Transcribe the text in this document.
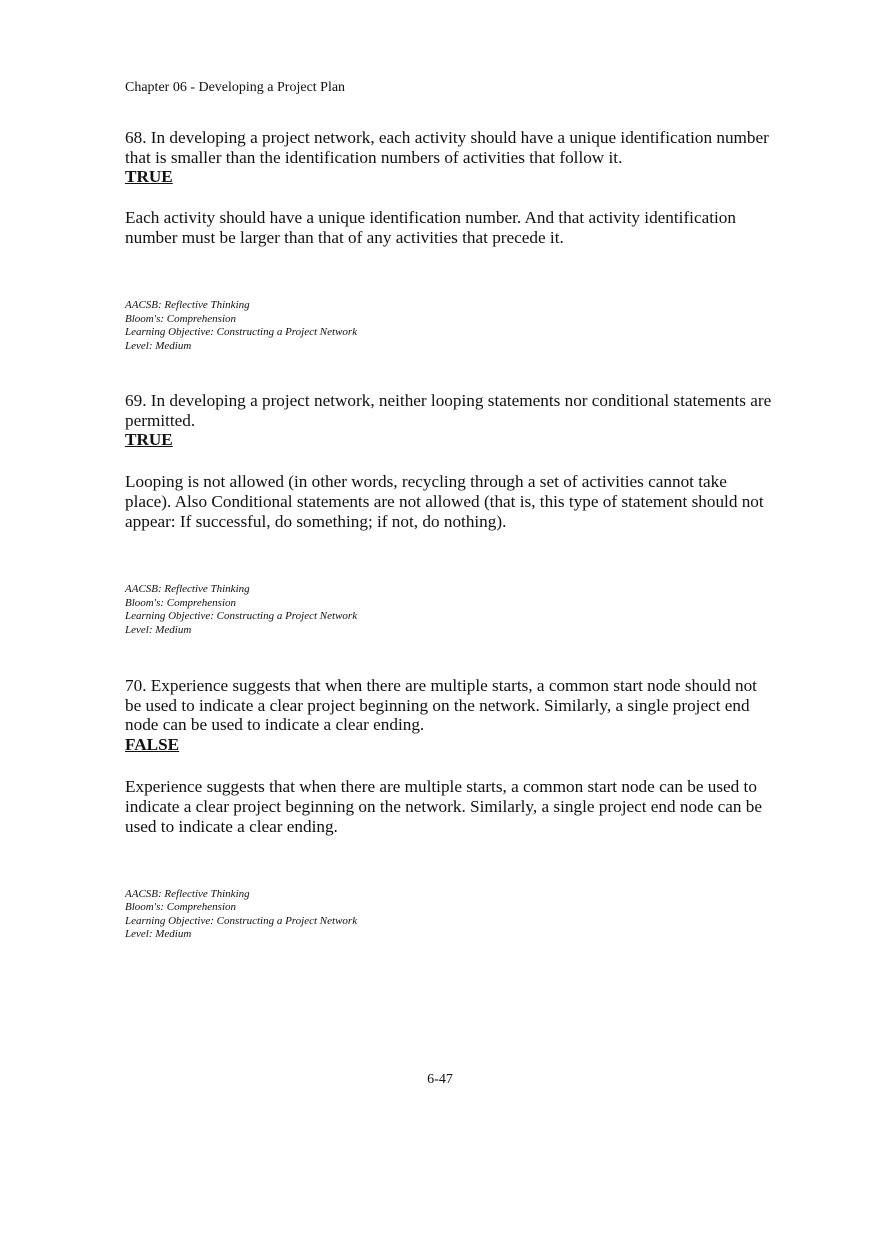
Chapter 06 - Developing a Project Plan

68. In developing a project network, each activity should have a unique identification number that is smaller than the identification numbers of activities that follow it.

TRUE

Each activity should have a unique identification number. And that activity identification number must be larger than that of any activities that precede it.

AACSB: Reflective Thinking
Bloom's: Comprehension
Learning Objective: Constructing a Project Network
Level: Medium

69. In developing a project network, neither looping statements nor conditional statements are permitted.

TRUE

Looping is not allowed (in other words, recycling through a set of activities cannot take place). Also Conditional statements are not allowed (that is, this type of statement should not appear: If successful, do something; if not, do nothing).

AACSB: Reflective Thinking
Bloom's: Comprehension
Learning Objective: Constructing a Project Network
Level: Medium

70. Experience suggests that when there are multiple starts, a common start node should not be used to indicate a clear project beginning on the network. Similarly, a single project end node can be used to indicate a clear ending.

FALSE

Experience suggests that when there are multiple starts, a common start node can be used to indicate a clear project beginning on the network. Similarly, a single project end node can be used to indicate a clear ending.

AACSB: Reflective Thinking
Bloom's: Comprehension
Learning Objective: Constructing a Project Network
Level: Medium
6-47
